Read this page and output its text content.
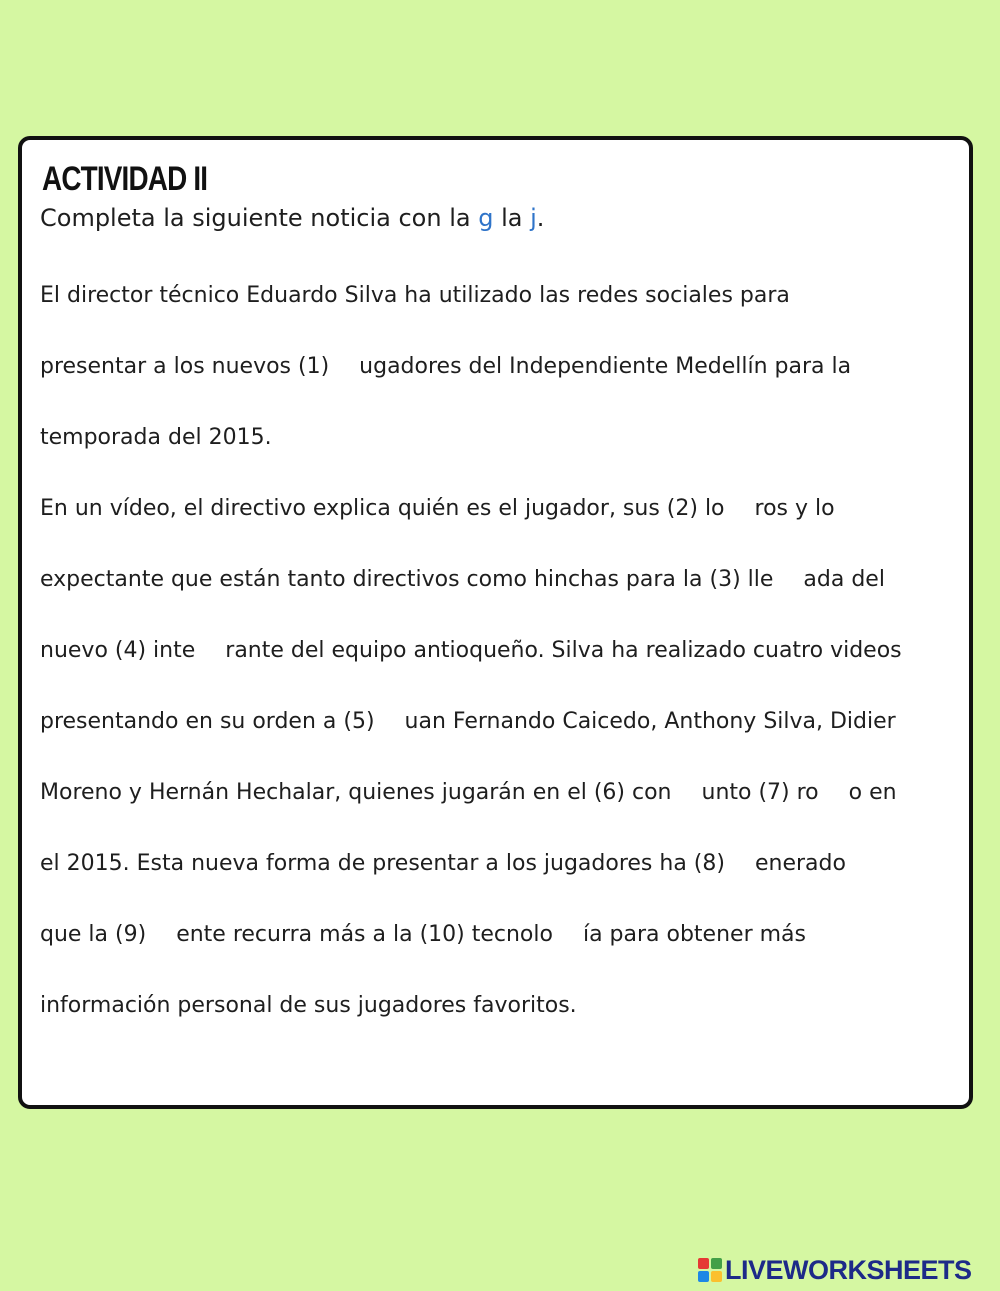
ACTIVIDAD II

Completa la siguiente noticia con la g la j.

El director técnico Eduardo Silva ha utilizado las redes sociales para

presentar a los nuevos (1) ugadores del Independiente Medellín para la

temporada del 2015.

En un vídeo, el directivo explica quién es el jugador, sus (2) lo ros y lo

expectante que están tanto directivos como hinchas para la (3) lle ada del

nuevo (4) inte rante del equipo antioqueño. Silva ha realizado cuatro videos

presentando en su orden a (5) uan Fernando Caicedo, Anthony Silva, Didier

Moreno y Hernán Hechalar, quienes jugarán en el (6) con unto (7) ro o en

el 2015. Esta nueva forma de presentar a los jugadores ha (8) enerado

que la (9) ente recurra más a la (10) tecnolo ía para obtener más

información personal de sus jugadores favoritos.

LIVEWORKSHEETS
